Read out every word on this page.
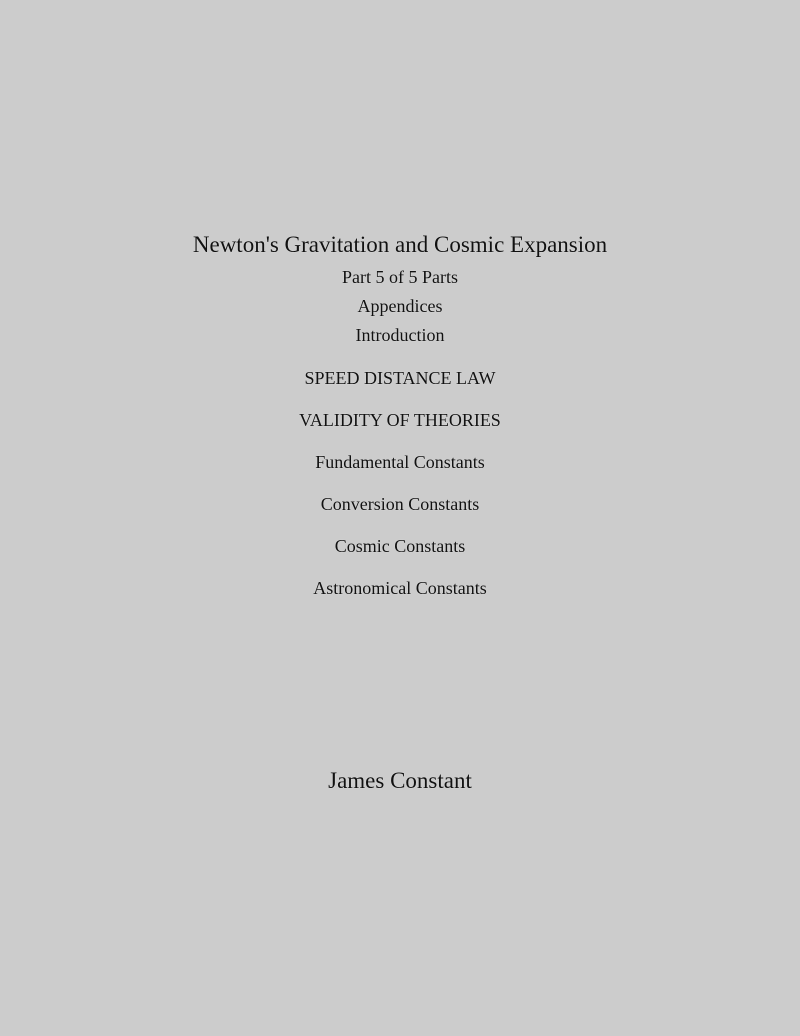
Newton's Gravitation and Cosmic Expansion
Part 5 of 5 Parts
Appendices
Introduction
SPEED DISTANCE LAW
VALIDITY OF THEORIES
Fundamental Constants
Conversion Constants
Cosmic Constants
Astronomical Constants
James Constant
